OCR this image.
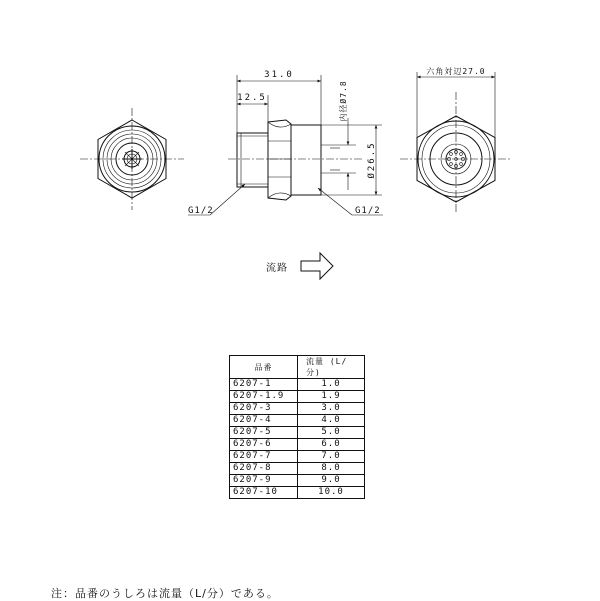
31.0
12.5	内径Ø7.8
Ø26.5
G1/2	G1/2
六角対辺27.0
流路
品番	流量 (L/分)
6207-1	1.0
6207-1.9	1.9
6207-3	3.0
6207-4	4.0
6207-5	5.0
6207-6	6.0
6207-7	7.0
6207-8	8.0
6207-9	9.0
6207-10	10.0
注：品番のうしろは流量（L/分）である。
